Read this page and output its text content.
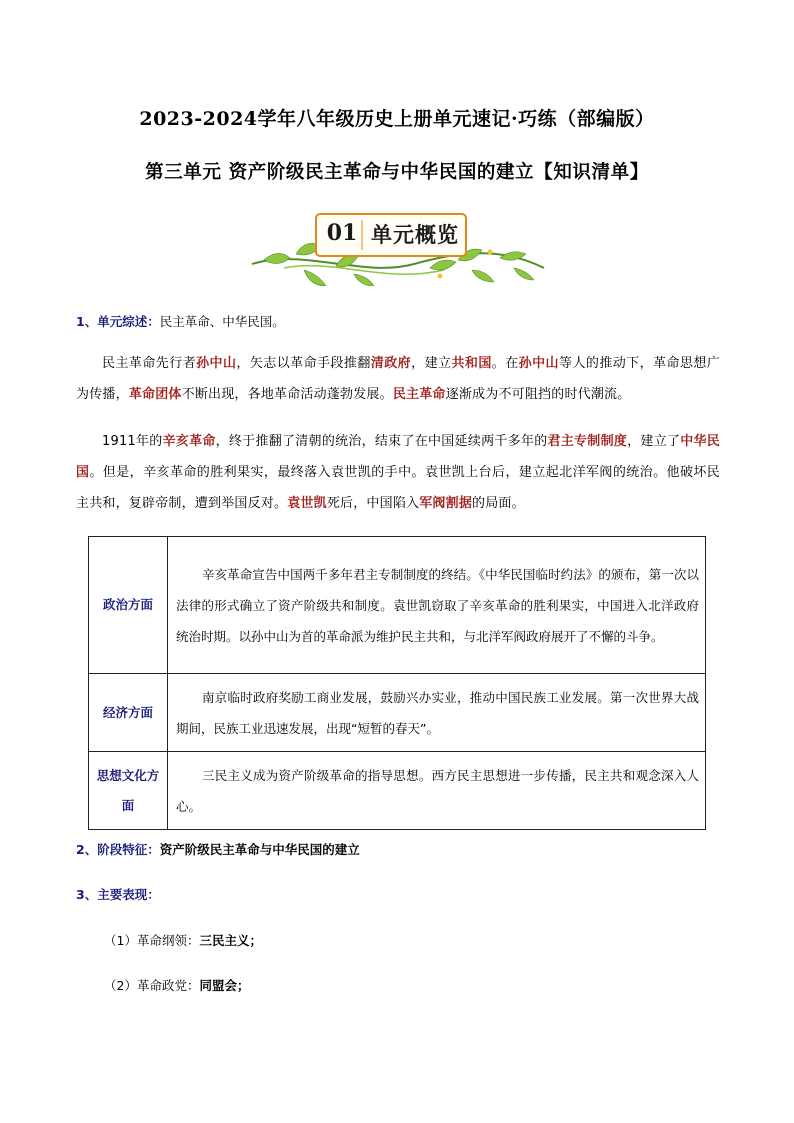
2023-2024学年八年级历史上册单元速记·巧练（部编版）
第三单元 资产阶级民主革命与中华民国的建立【知识清单】
01 单元概览
1、单元综述：民主革命、中华民国。
民主革命先行者孙中山，矢志以革命手段推翻清政府，建立共和国。在孙中山等人的推动下，革命思想广为传播，革命团体不断出现，各地革命活动蓬勃发展。民主革命逐渐成为不可阻挡的时代潮流。
1911年的辛亥革命，终于推翻了清朝的统治，结束了在中国延续两千多年的君主专制制度，建立了中华民国。但是，辛亥革命的胜利果实，最终落入袁世凯的手中。袁世凯上台后，建立起北洋军阀的统治。他破坏民主共和，复辟帝制，遭到举国反对。袁世凯死后，中国陷入军阀割据的局面。
政治方面	辛亥革命宣告中国两千多年君主专制制度的终结。《中华民国临时约法》的颁布，第一次以法律的形式确立了资产阶级共和制度。袁世凯窃取了辛亥革命的胜利果实，中国进入北洋政府统治时期。以孙中山为首的革命派为维护民主共和，与北洋军阀政府展开了不懈的斗争。
经济方面	南京临时政府奖励工商业发展，鼓励兴办实业，推动中国民族工业发展。第一次世界大战期间，民族工业迅速发展，出现“短暂的春天”。
思想文化方面	三民主义成为资产阶级革命的指导思想。西方民主思想进一步传播，民主共和观念深入人心。
2、阶段特征：资产阶级民主革命与中华民国的建立
3、主要表现：
（1）革命纲领：三民主义；
（2）革命政党：同盟会；
